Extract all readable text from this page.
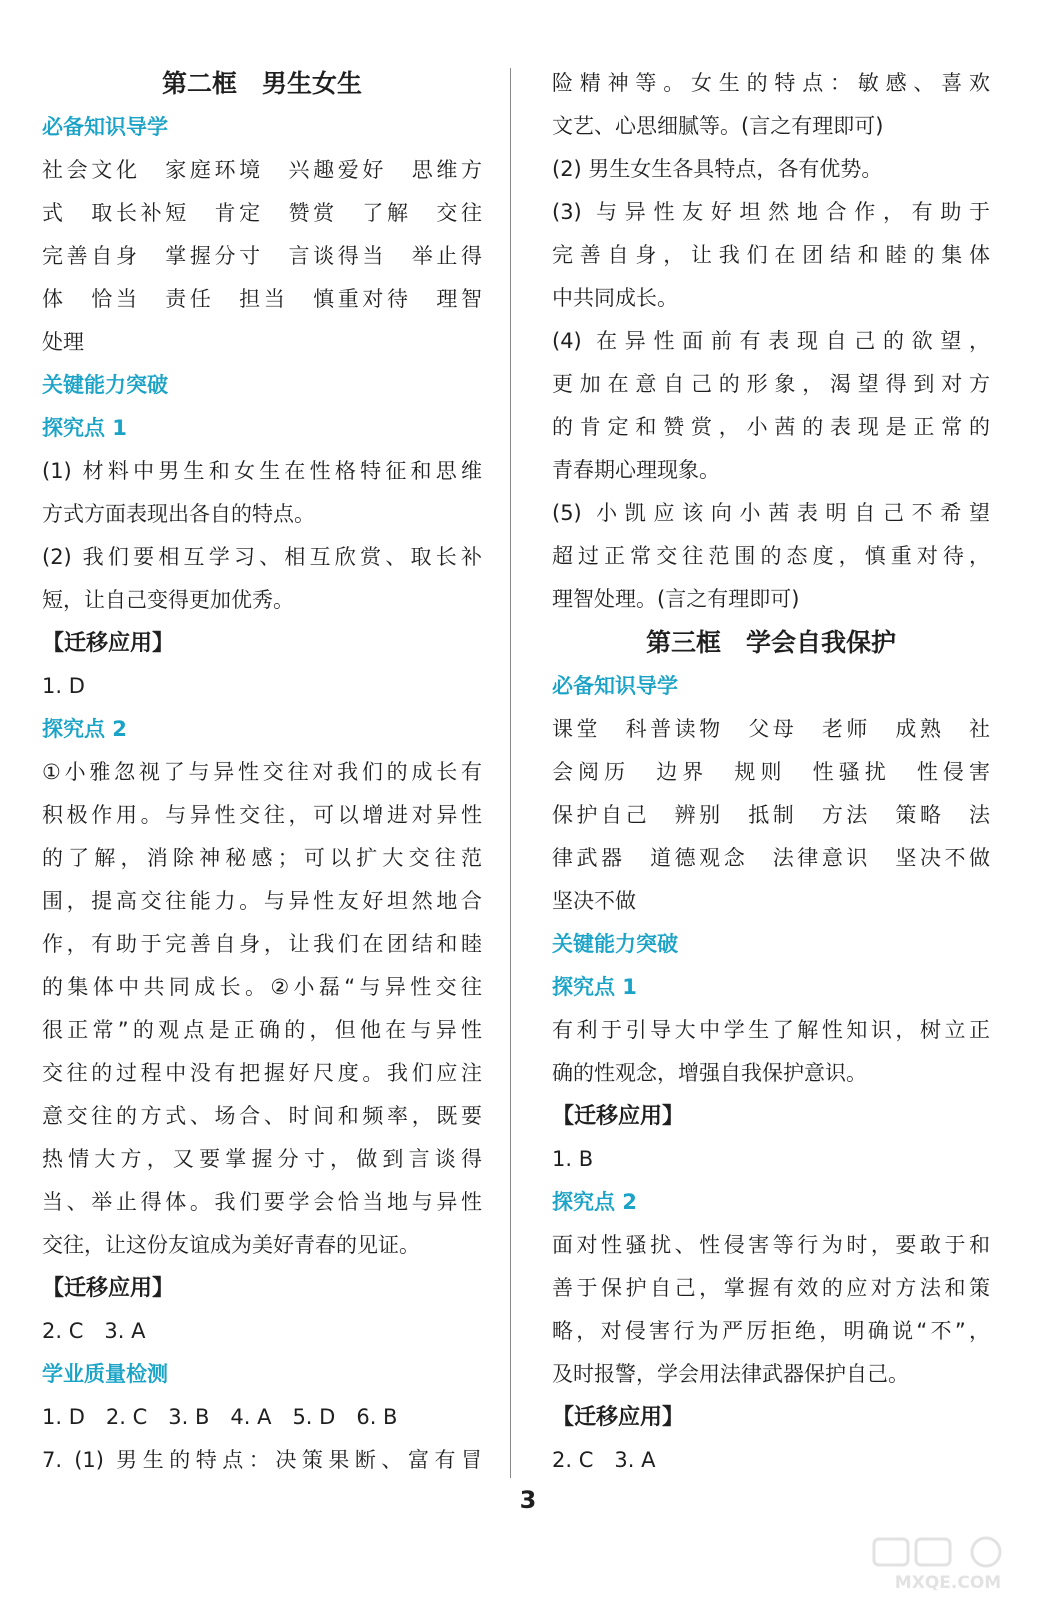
第二框　男生女生
必备知识导学
社会文化　家庭环境　兴趣爱好　思维方
式　取长补短　肯定　赞赏　了解　交往
完善自身　掌握分寸　言谈得当　举止得
体　恰当　责任　担当　慎重对待　理智
处理
关键能力突破
探究点 1
(1) 材料中男生和女生在性格特征和思维
方式方面表现出各自的特点。
(2) 我们要相互学习、相互欣赏、取长补
短，让自己变得更加优秀。
【迁移应用】
1. D
探究点 2
①小雅忽视了与异性交往对我们的成长有
积极作用。与异性交往，可以增进对异性
的了解，消除神秘感；可以扩大交往范
围，提高交往能力。与异性友好坦然地合
作，有助于完善自身，让我们在团结和睦
的集体中共同成长。②小磊“与异性交往
很正常”的观点是正确的，但他在与异性
交往的过程中没有把握好尺度。我们应注
意交往的方式、场合、时间和频率，既要
热情大方，又要掌握分寸，做到言谈得
当、举止得体。我们要学会恰当地与异性
交往，让这份友谊成为美好青春的见证。
【迁移应用】
2. C　3. A
学业质量检测
1. D　2. C　3. B　4. A　5. D　6. B
7. (1) 男生的特点：决策果断、富有冒
险精神等。女生的特点：敏感、喜欢
文艺、心思细腻等。(言之有理即可)
(2) 男生女生各具特点，各有优势。
(3) 与异性友好坦然地合作，有助于
完善自身，让我们在团结和睦的集体
中共同成长。
(4) 在异性面前有表现自己的欲望，
更加在意自己的形象，渴望得到对方
的肯定和赞赏，小茜的表现是正常的
青春期心理现象。
(5) 小凯应该向小茜表明自己不希望
超过正常交往范围的态度，慎重对待，
理智处理。(言之有理即可)
第三框　学会自我保护
必备知识导学
课堂　科普读物　父母　老师　成熟　社
会阅历　边界　规则　性骚扰　性侵害
保护自己　辨别　抵制　方法　策略　法
律武器　道德观念　法律意识　坚决不做
坚决不做
关键能力突破
探究点 1
有利于引导大中学生了解性知识，树立正
确的性观念，增强自我保护意识。
【迁移应用】
1. B
探究点 2
面对性骚扰、性侵害等行为时，要敢于和
善于保护自己，掌握有效的应对方法和策
略，对侵害行为严厉拒绝，明确说“不”，
及时报警，学会用法律武器保护自己。
【迁移应用】
2. C　3. A
3
MXQE.COM
